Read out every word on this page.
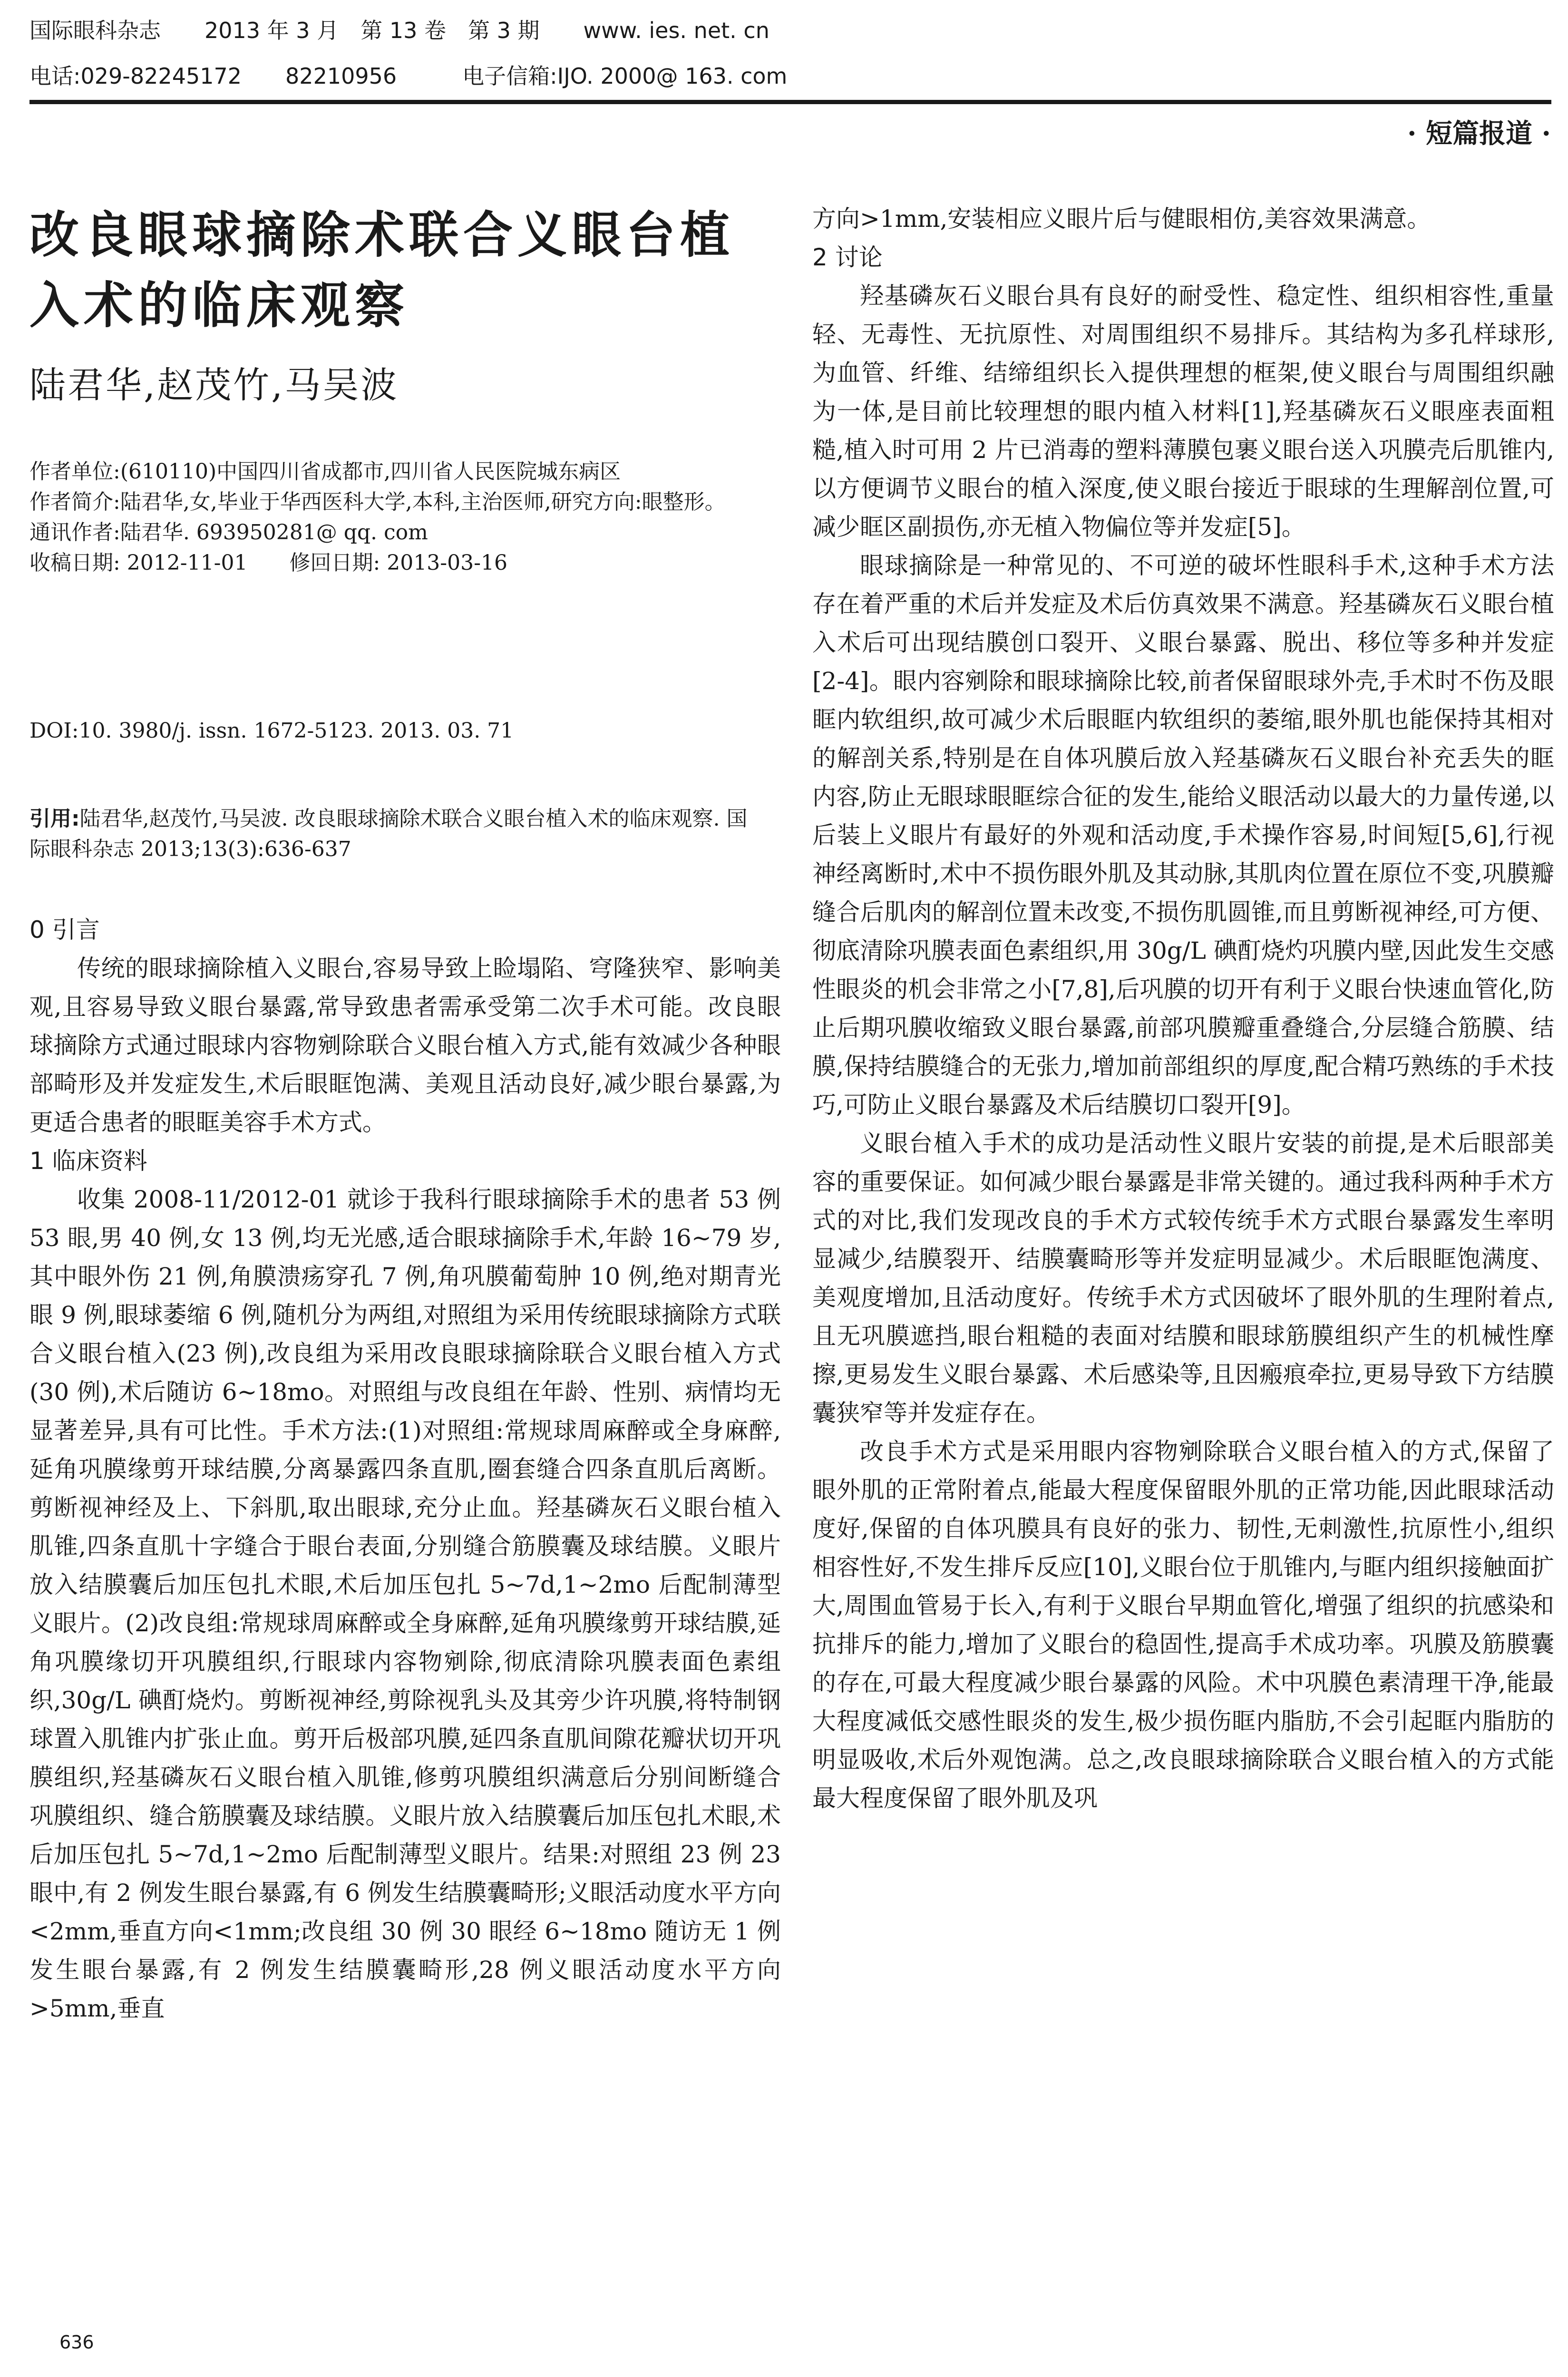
国际眼科杂志　　 2013 年 3 月　第 13 卷　第 3 期　　 www. ies. net. cn
电话:029-82245172　　82210956　　　	电子信箱:IJO. 2000@ 163. com
· 短篇报道 ·
改良眼球摘除术联合义眼台植入术的临床观察
陆君华,赵茂竹,马吴波

作者单位:(610110)中国四川省成都市,四川省人民医院城东病区

作者简介:陆君华,女,毕业于华西医科大学,本科,主治医师,研究方向:眼整形。

通讯作者:陆君华. 693950281@ qq. com

收稿日期: 2012-11-01　　修回日期: 2013-03-16

DOI:10. 3980/j. issn. 1672-5123. 2013. 03. 71
引用:陆君华,赵茂竹,马吴波. 改良眼球摘除术联合义眼台植入术的临床观察. 国际眼科杂志 2013;13(3):636-637
0 引言

传统的眼球摘除植入义眼台,容易导致上睑塌陷、穹隆狭窄、影响美观,且容易导致义眼台暴露,常导致患者需承受第二次手术可能。改良眼球摘除方式通过眼球内容物剜除联合义眼台植入方式,能有效减少各种眼部畸形及并发症发生,术后眼眶饱满、美观且活动良好,减少眼台暴露,为更适合患者的眼眶美容手术方式。

1 临床资料

收集 2008-11/2012-01 就诊于我科行眼球摘除手术的患者 53 例 53 眼,男 40 例,女 13 例,均无光感,适合眼球摘除手术,年龄 16~79 岁,其中眼外伤 21 例,角膜溃疡穿孔 7 例,角巩膜葡萄肿 10 例,绝对期青光眼 9 例,眼球萎缩 6 例,随机分为两组,对照组为采用传统眼球摘除方式联合义眼台植入(23 例),改良组为采用改良眼球摘除联合义眼台植入方式(30 例),术后随访 6~18mo。对照组与改良组在年龄、性别、病情均无显著差异,具有可比性。手术方法:(1)对照组:常规球周麻醉或全身麻醉,延角巩膜缘剪开球结膜,分离暴露四条直肌,圈套缝合四条直肌后离断。剪断视神经及上、下斜肌,取出眼球,充分止血。羟基磷灰石义眼台植入肌锥,四条直肌十字缝合于眼台表面,分别缝合筋膜囊及球结膜。义眼片放入结膜囊后加压包扎术眼,术后加压包扎 5~7d,1~2mo 后配制薄型义眼片。(2)改良组:常规球周麻醉或全身麻醉,延角巩膜缘剪开球结膜,延角巩膜缘切开巩膜组织,行眼球内容物剜除,彻底清除巩膜表面色素组织,30g/L 碘酊烧灼。剪断视神经,剪除视乳头及其旁少许巩膜,将特制钢球置入肌锥内扩张止血。剪开后极部巩膜,延四条直肌间隙花瓣状切开巩膜组织,羟基磷灰石义眼台植入肌锥,修剪巩膜组织满意后分别间断缝合巩膜组织、缝合筋膜囊及球结膜。义眼片放入结膜囊后加压包扎术眼,术后加压包扎 5~7d,1~2mo 后配制薄型义眼片。结果:对照组 23 例 23 眼中,有 2 例发生眼台暴露,有 6 例发生结膜囊畸形;义眼活动度水平方向<2mm,垂直方向<1mm;改良组 30 例 30 眼经 6~18mo 随访无 1 例发生眼台暴露,有 2 例发生结膜囊畸形,28 例义眼活动度水平方向>5mm,垂直

方向>1mm,安装相应义眼片后与健眼相仿,美容效果满意。

2 讨论

羟基磷灰石义眼台具有良好的耐受性、稳定性、组织相容性,重量轻、无毒性、无抗原性、对周围组织不易排斥。其结构为多孔样球形,为血管、纤维、结缔组织长入提供理想的框架,使义眼台与周围组织融为一体,是目前比较理想的眼内植入材料[1],羟基磷灰石义眼座表面粗糙,植入时可用 2 片已消毒的塑料薄膜包裹义眼台送入巩膜壳后肌锥内,以方便调节义眼台的植入深度,使义眼台接近于眼球的生理解剖位置,可减少眶区副损伤,亦无植入物偏位等并发症[5]。

眼球摘除是一种常见的、不可逆的破坏性眼科手术,这种手术方法存在着严重的术后并发症及术后仿真效果不满意。羟基磷灰石义眼台植入术后可出现结膜创口裂开、义眼台暴露、脱出、移位等多种并发症[2-4]。眼内容剜除和眼球摘除比较,前者保留眼球外壳,手术时不伤及眼眶内软组织,故可减少术后眼眶内软组织的萎缩,眼外肌也能保持其相对的解剖关系,特别是在自体巩膜后放入羟基磷灰石义眼台补充丢失的眶内容,防止无眼球眼眶综合征的发生,能给义眼活动以最大的力量传递,以后装上义眼片有最好的外观和活动度,手术操作容易,时间短[5,6],行视神经离断时,术中不损伤眼外肌及其动脉,其肌肉位置在原位不变,巩膜瓣缝合后肌肉的解剖位置未改变,不损伤肌圆锥,而且剪断视神经,可方便、彻底清除巩膜表面色素组织,用 30g/L 碘酊烧灼巩膜内壁,因此发生交感性眼炎的机会非常之小[7,8],后巩膜的切开有利于义眼台快速血管化,防止后期巩膜收缩致义眼台暴露,前部巩膜瓣重叠缝合,分层缝合筋膜、结膜,保持结膜缝合的无张力,增加前部组织的厚度,配合精巧熟练的手术技巧,可防止义眼台暴露及术后结膜切口裂开[9]。

义眼台植入手术的成功是活动性义眼片安装的前提,是术后眼部美容的重要保证。如何减少眼台暴露是非常关键的。通过我科两种手术方式的对比,我们发现改良的手术方式较传统手术方式眼台暴露发生率明显减少,结膜裂开、结膜囊畸形等并发症明显减少。术后眼眶饱满度、美观度增加,且活动度好。传统手术方式因破坏了眼外肌的生理附着点,且无巩膜遮挡,眼台粗糙的表面对结膜和眼球筋膜组织产生的机械性摩擦,更易发生义眼台暴露、术后感染等,且因瘢痕牵拉,更易导致下方结膜囊狭窄等并发症存在。

改良手术方式是采用眼内容物剜除联合义眼台植入的方式,保留了眼外肌的正常附着点,能最大程度保留眼外肌的正常功能,因此眼球活动度好,保留的自体巩膜具有良好的张力、韧性,无刺激性,抗原性小,组织相容性好,不发生排斥反应[10],义眼台位于肌锥内,与眶内组织接触面扩大,周围血管易于长入,有利于义眼台早期血管化,增强了组织的抗感染和抗排斥的能力,增加了义眼台的稳固性,提高手术成功率。巩膜及筋膜囊的存在,可最大程度减少眼台暴露的风险。术中巩膜色素清理干净,能最大程度减低交感性眼炎的发生,极少损伤眶内脂肪,不会引起眶内脂肪的明显吸收,术后外观饱满。总之,改良眼球摘除联合义眼台植入的方式能最大程度保留了眼外肌及巩

636
